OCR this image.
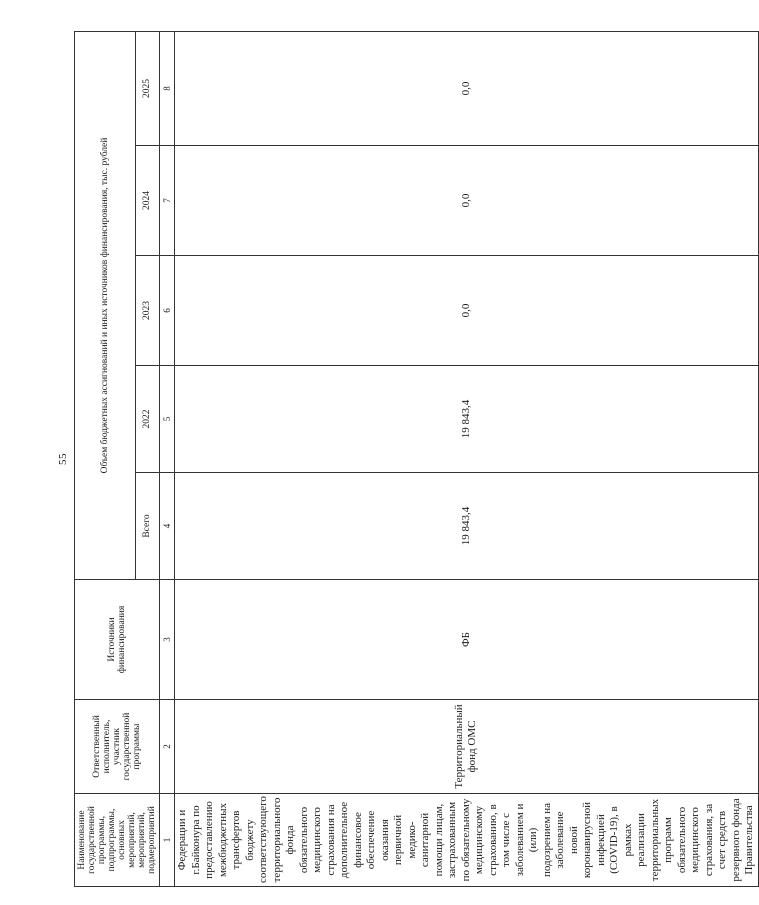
55
Наименование государственной программы, подпрограммы, основных мероприятий, мероприятий, подмероприятий	Ответственный исполнитель, участник государственной программы	Источники финансирования	Объем бюджетных ассигнований и иных источников финансирования, тыс. рублей				
			Всего	2022	2023	2024	2025
1	2	3	4	5	6	7	8
Федерации и г.Байконура по предоставлению межбюджетных трансфертов бюджету соответствующего территориального фонда обязательного медицинского страхования на дополнительное финансовое обеспечение оказания первичной медико-санитарной помощи лицам, застрахованным по обязательному медицинскому страхованию, в том числе с заболеванием и (или) подозрением на заболевание новой коронавирусной инфекцией (COVID-19), в рамках реализации территориальных программ обязательного медицинского страхования, за счет средств резервного фонда Правительства	Территориальный фонд ОМС	ФБ	19 843,4	19 843,4	0,0	0,0	0,0
